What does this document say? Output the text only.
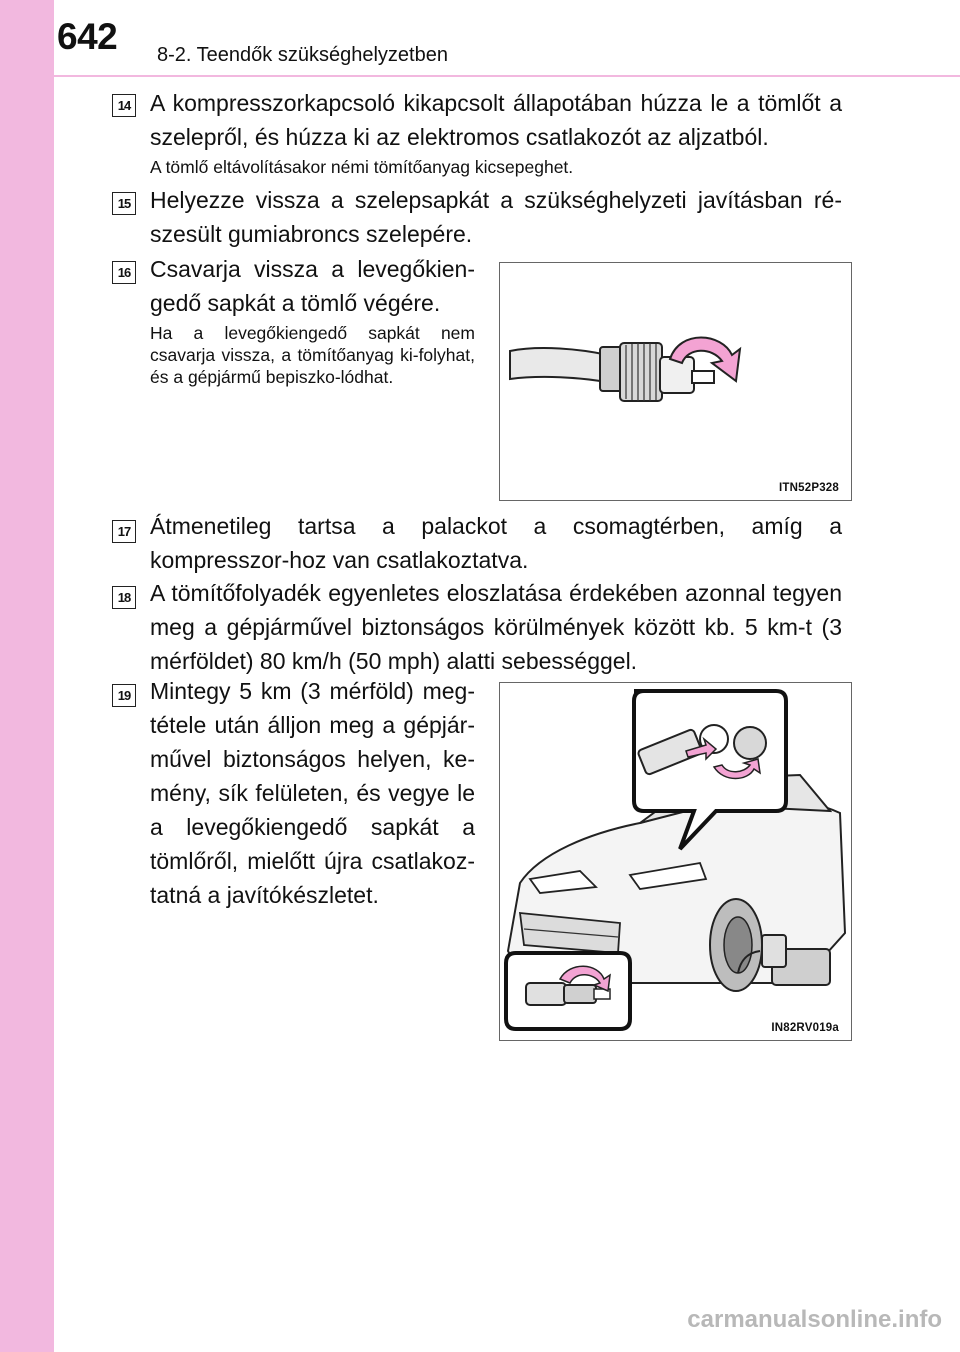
642 8-2. Teendők szükséghelyzetben
14 A kompresszorkapcsoló kikapcsolt állapotában húzza le a tömlőt a szelepről, és húzza ki az elektromos csatlakozót az aljzatból.
A tömlő eltávolításakor némi tömítőanyag kicsepeghet.
15 Helyezze vissza a szelepsapkát a szükséghelyzeti javításban ré-szesült gumiabroncs szelepére.
16 Csavarja vissza a levegőkien-gedő sapkát a tömlő végére.
Ha a levegőkiengedő sapkát nem csavarja vissza, a tömítőanyag ki-folyhat, és a gépjármű bepiszko-lódhat.
ITN52P328
17 Átmenetileg tartsa a palackot a csomagtérben, amíg a kompresszor-hoz van csatlakoztatva.
18 A tömítőfolyadék egyenletes eloszlatása érdekében azonnal tegyen meg a gépjárművel biztonságos körülmények között kb. 5 km-t (3 mérföldet) 80 km/h (50 mph) alatti sebességgel.
19 Mintegy 5 km (3 mérföld) meg-tétele után álljon meg a gépjár-művel biztonságos helyen, ke-mény, sík felületen, és vegye le a levegőkiengedő sapkát a tömlőről, mielőtt újra csatlakoz-tatná a javítókészletet.
IN82RV019a
carmanualsonline.info
